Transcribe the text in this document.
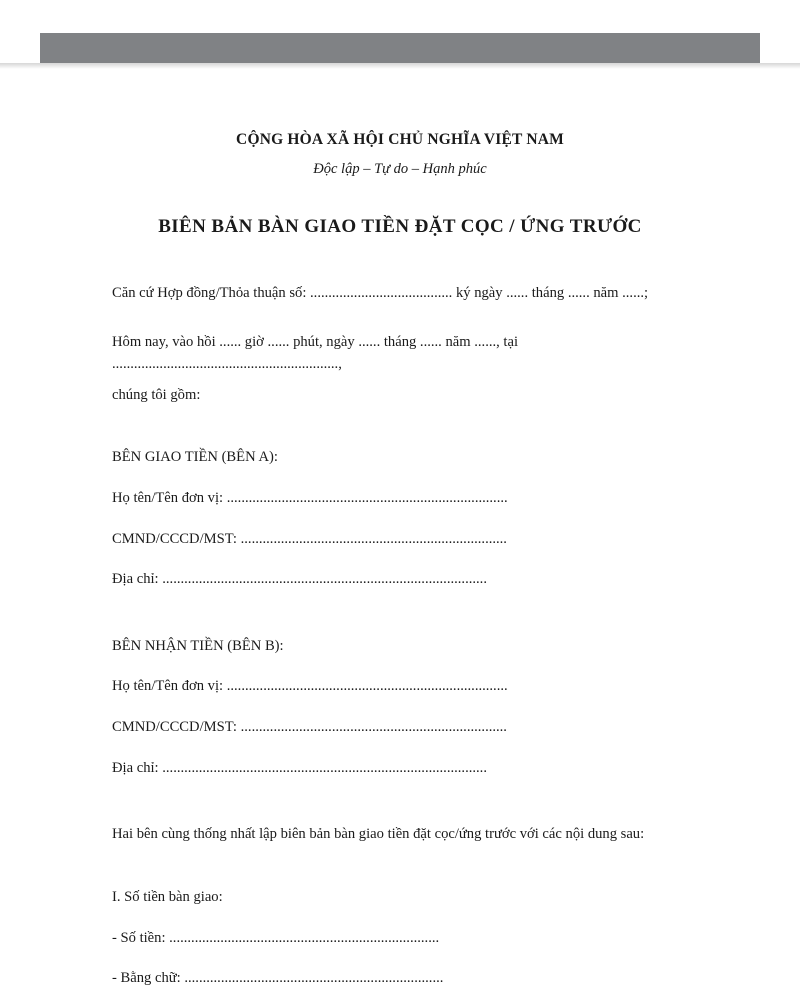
CỘNG HÒA XÃ HỘI CHỦ NGHĨA VIỆT NAM
Độc lập – Tự do – Hạnh phúc
BIÊN BẢN BÀN GIAO TIỀN ĐẶT CỌC / ỨNG TRƯỚC
Căn cứ Hợp đồng/Thỏa thuận số: ....................................... ký ngày ...... tháng ...... năm ......;
Hôm nay, vào hồi ...... giờ ...... phút, ngày ...... tháng ...... năm ......, tại ..............................................................,
chúng tôi gồm:
BÊN GIAO TIỀN (BÊN A):
Họ tên/Tên đơn vị: .............................................................................
CMND/CCCD/MST: .........................................................................
Địa chỉ: .........................................................................................
BÊN NHẬN TIỀN (BÊN B):
Họ tên/Tên đơn vị: .............................................................................
CMND/CCCD/MST: .........................................................................
Địa chỉ: .........................................................................................
Hai bên cùng thống nhất lập biên bản bàn giao tiền đặt cọc/ứng trước với các nội dung sau:
I. Số tiền bàn giao:
- Số tiền: ..........................................................................
- Bằng chữ: .......................................................................
